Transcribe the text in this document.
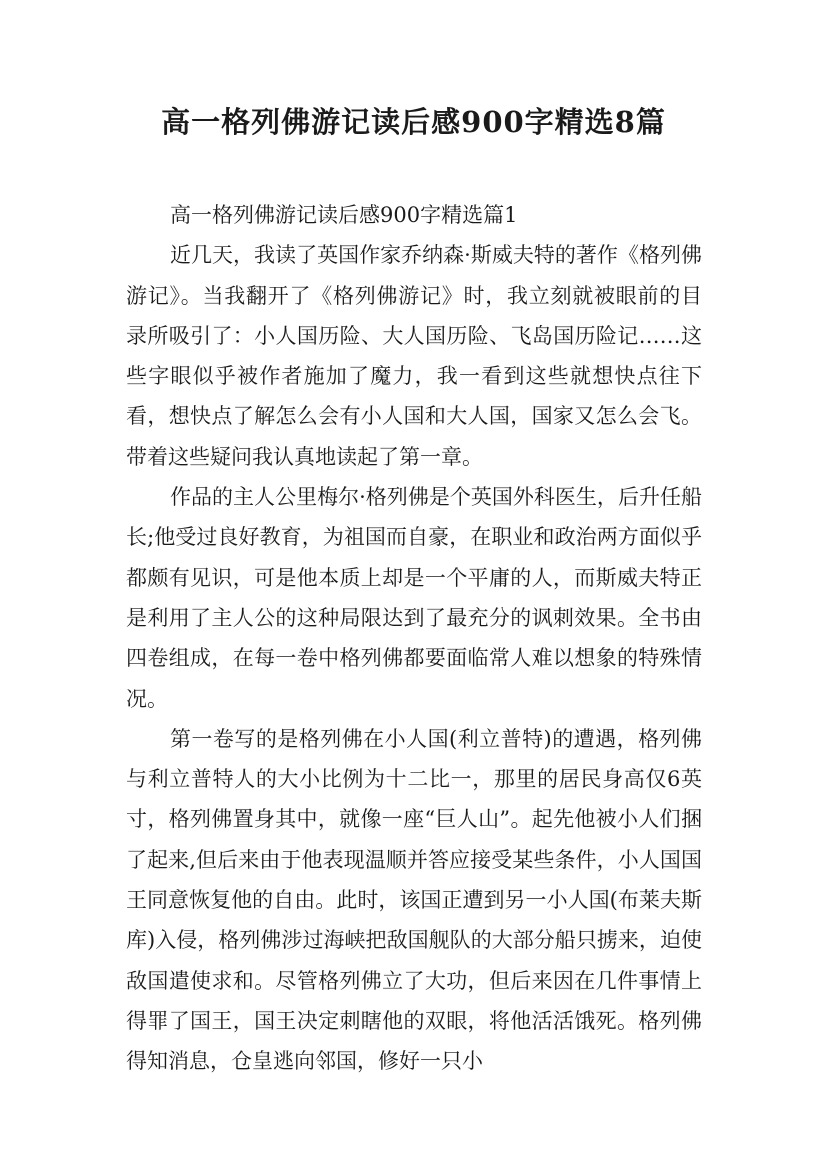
高一格列佛游记读后感900字精选8篇
高一格列佛游记读后感900字精选篇1

近几天，我读了英国作家乔纳森·斯威夫特的著作《格列佛游记》。当我翻开了《格列佛游记》时，我立刻就被眼前的目录所吸引了：小人国历险、大人国历险、飞岛国历险记……这些字眼似乎被作者施加了魔力，我一看到这些就想快点往下看，想快点了解怎么会有小人国和大人国，国家又怎么会飞。带着这些疑问我认真地读起了第一章。

作品的主人公里梅尔·格列佛是个英国外科医生，后升任船长;他受过良好教育，为祖国而自豪，在职业和政治两方面似乎都颇有见识，可是他本质上却是一个平庸的人，而斯威夫特正是利用了主人公的这种局限达到了最充分的讽刺效果。全书由四卷组成，在每一卷中格列佛都要面临常人难以想象的特殊情况。

第一卷写的是格列佛在小人国(利立普特)的遭遇，格列佛与利立普特人的大小比例为十二比一，那里的居民身高仅6英寸，格列佛置身其中，就像一座“巨人山”。起先他被小人们捆了起来,但后来由于他表现温顺并答应接受某些条件，小人国国王同意恢复他的自由。此时，该国正遭到另一小人国(布莱夫斯库)入侵，格列佛涉过海峡把敌国舰队的大部分船只掳来，迫使敌国遣使求和。尽管格列佛立了大功，但后来因在几件事情上得罪了国王，国王决定刺瞎他的双眼，将他活活饿死。格列佛得知消息，仓皇逃向邻国，修好一只小
